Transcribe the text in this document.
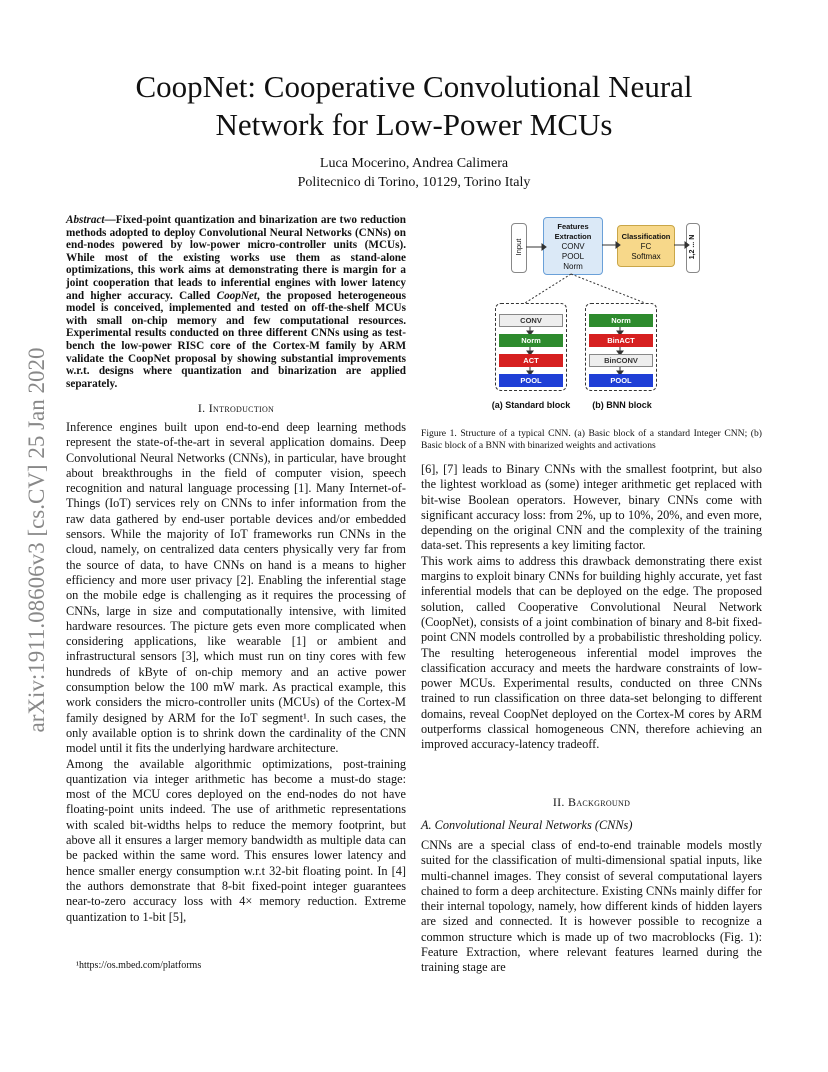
arXiv:1911.08606v3 [cs.CV] 25 Jan 2020
CoopNet: Cooperative Convolutional Neural
Network for Low-Power MCUs
Luca Mocerino, Andrea Calimera
Politecnico di Torino, 10129, Torino Italy
Abstract—Fixed-point quantization and binarization are two reduction methods adopted to deploy Convolutional Neural Networks (CNNs) on end-nodes powered by low-power micro-controller units (MCUs). While most of the existing works use them as stand-alone optimizations, this work aims at demonstrating there is margin for a joint cooperation that leads to inferential engines with lower latency and higher accuracy. Called CoopNet, the proposed heterogeneous model is conceived, implemented and tested on off-the-shelf MCUs with small on-chip memory and few computational resources. Experimental results conducted on three different CNNs using as test-bench the low-power RISC core of the Cortex-M family by ARM validate the CoopNet proposal by showing substantial improvements w.r.t. designs where quantization and binarization are applied separately.
I. Introduction

Inference engines built upon end-to-end deep learning methods represent the state-of-the-art in several application domains. Deep Convolutional Neural Networks (CNNs), in particular, have brought about breakthroughs in the field of computer vision, speech recognition and natural language processing [1]. Many Internet-of-Things (IoT) services rely on CNNs to infer information from the raw data gathered by end-user portable devices and/or embedded sensors. While the majority of IoT frameworks run CNNs in the cloud, namely, on centralized data centers physically very far from the source of data, to have CNNs on hand is a means to higher efficiency and more user privacy [2]. Enabling the inferential stage on the mobile edge is challenging as it requires the processing of CNNs, large in size and computationally intensive, with limited hardware resources. The picture gets even more complicated when considering applications, like wearable [1] or ambient and infrastructural sensors [3], which must run on tiny cores with few hundreds of kByte of on-chip memory and an active power consumption below the 100 mW mark. As practical example, this work considers the micro-controller units (MCUs) of the Cortex-M family designed by ARM for the IoT segment¹. In such cases, the only available option is to shrink down the cardinality of the CNN model until it fits the underlying hardware architecture.

Among the available algorithmic optimizations, post-training quantization via integer arithmetic has become a must-do stage: most of the MCU cores deployed on the end-nodes do not have floating-point units indeed. The use of arithmetic representations with scaled bit-widths helps to reduce the memory footprint, but above all it ensures a larger memory bandwidth as multiple data can be packed within the same word. This ensures lower latency and hence smaller energy consumption w.r.t 32-bit floating point. In [4] the authors demonstrate that 8-bit fixed-point integer guarantees near-to-zero accuracy loss with 4× memory reduction. Extreme quantization to 1-bit [5],

¹https://os.mbed.com/platforms
Input
Features Extraction
CONV
POOL
Norm
Classification
FC
Softmax	1,2 ... N
CONV
Norm
ACT
POOL
Norm
BinACT
BinCONV
POOL
(a) Standard block	(b) BNN block
Figure 1. Structure of a typical CNN. (a) Basic block of a standard Integer CNN; (b) Basic block of a BNN with binarized weights and activations

[6], [7] leads to Binary CNNs with the smallest footprint, but also the lightest workload as (some) integer arithmetic get replaced with bit-wise Boolean operators. However, binary CNNs come with significant accuracy loss: from 2%, up to 10%, 20%, and even more, depending on the original CNN and the complexity of the training data-set. This represents a key limiting factor.

This work aims to address this drawback demonstrating there exist margins to exploit binary CNNs for building highly accurate, yet fast inferential models that can be deployed on the edge. The proposed solution, called Cooperative Convolutional Neural Network (CoopNet), consists of a joint combination of binary and 8-bit fixed-point CNN models controlled by a probabilistic thresholding policy. The resulting heterogeneous inferential model improves the classification accuracy and meets the hardware constraints of low-power MCUs. Experimental results, conducted on three CNNs trained to run classification on three data-set belonging to different domains, reveal CoopNet deployed on the Cortex-M cores by ARM outperforms classical homogeneous CNN, therefore achieving an improved accuracy-latency tradeoff.

II. Background
A. Convolutional Neural Networks (CNNs)

CNNs are a special class of end-to-end trainable models mostly suited for the classification of multi-dimensional spatial inputs, like multi-channel images. They consist of several computational layers chained to form a deep architecture. Existing CNNs mainly differ for their internal topology, namely, how different kinds of hidden layers are sized and connected. It is however possible to recognize a common structure which is made up of two macroblocks (Fig. 1): Feature Extraction, where relevant features learned during the training stage are
